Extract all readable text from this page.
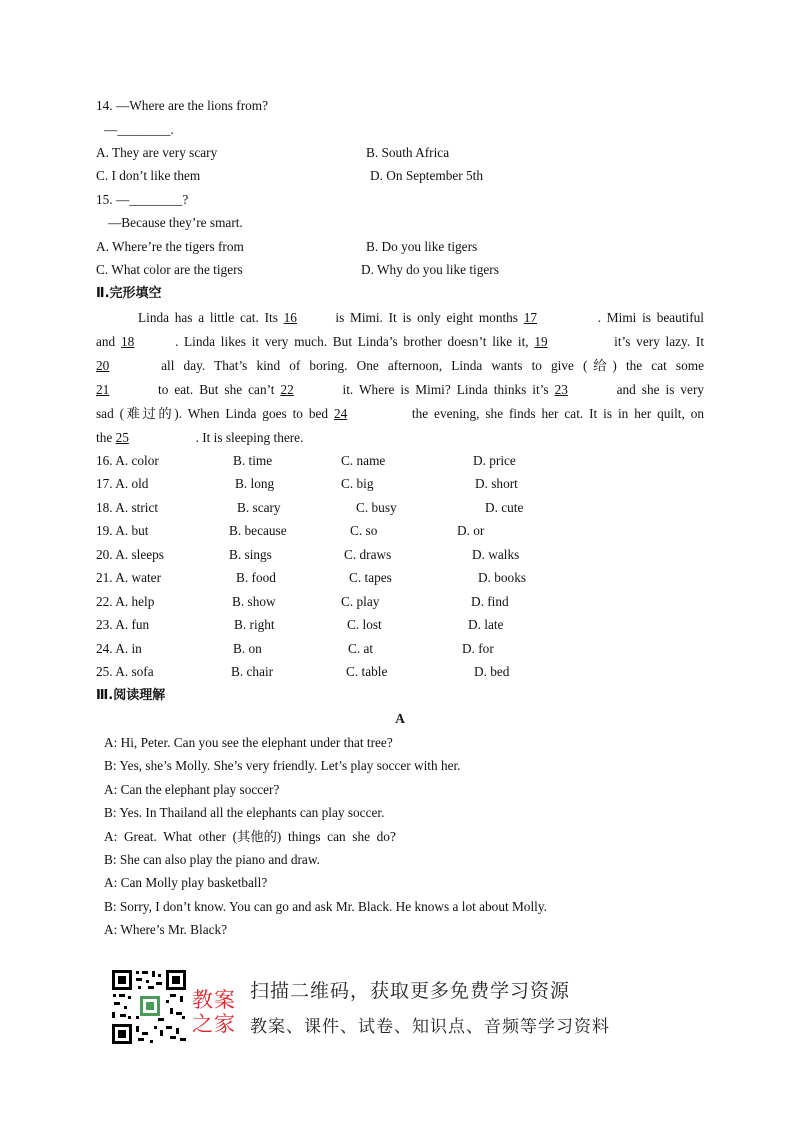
14. —Where are the lions from?
—________.
A. They are very scary	B. South Africa
C. I don’t like them	D. On September 5th
15. —________?
—Because they’re smart.
A. Where’re the tigers from	B. Do you like tigers
C. What color are the tigers	D. Why do you like tigers
Ⅱ.完形填空
Linda has a little cat. Its 16	is Mimi. It is only eight months 17	. Mimi is beautiful
and 18	. Linda likes it very much. But Linda’s brother doesn’t like it, 19	it’s very lazy. It
20	all day. That’s kind of boring. One afternoon, Linda wants to give (给) the cat some
21	to eat. But she can’t 22	it. Where is Mimi? Linda thinks it’s 23	and she is very
sad (难过的). When Linda goes to bed 24	the evening, she finds her cat. It is in her quilt, on
the 25	. It is sleeping there.
16. A. color	B. time	C. name	D. price
17. A. old	B. long	C. big	D. short
18. A. strict	B. scary	C. busy	D. cute
19. A. but	B. because	C. so	D. or
20. A. sleeps	B. sings	C. draws	D. walks
21. A. water	B. food	C. tapes	D. books
22. A. help	B. show	C. play	D. find
23. A. fun	B. right	C. lost	D. late
24. A. in	B. on	C. at	D. for
25. A. sofa	B. chair	C. table	D. bed
Ⅲ.阅读理解
A
A: Hi, Peter. Can you see the elephant under that tree?
B: Yes, she’s Molly. She’s very friendly. Let’s play soccer with her.
A: Can the elephant play soccer?
B: Yes. In Thailand all the elephants can play soccer.
A:  Great.  What  other  (其他的)  things  can  she  do?
B: She can also play the piano and draw.
A: Can Molly play basketball?
B: Sorry, I don’t know. You can go and ask Mr. Black. He knows a lot about Molly.
A: Where’s Mr. Black?
教案
之家
扫描二维码，获取更多免费学习资源
教案、课件、试卷、知识点、音频等学习资料
